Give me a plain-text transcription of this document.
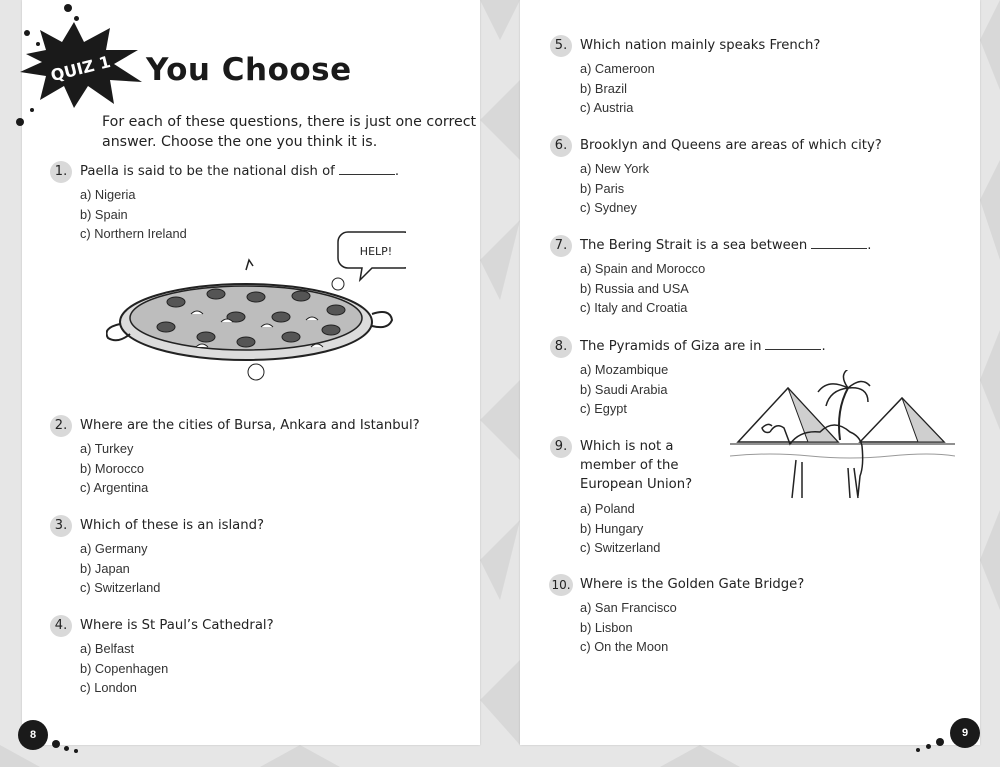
For each of these questions, there is just one correct answer. Choose the one you think it is.
1. Paella is said to be the national dish of	.
a) Nigeria
b) Spain
c) Northern Ireland
HELP!
2. Where are the cities of Bursa, Ankara and Istanbul?
a) Turkey
b) Morocco
c) Argentina
3. Which of these is an island?
a) Germany
b) Japan
c) Switzerland
4. Where is St Paul’s Cathedral?
a) Belfast
b) Copenhagen
c) London
QUIZ 1 You Choose
5. Which nation mainly speaks French?
a) Cameroon
b) Brazil
c) Austria
6. Brooklyn and Queens are areas of which city?
a) New York
b) Paris
c) Sydney
7. The Bering Strait is a sea between	.
a) Spain and Morocco
b) Russia and USA
c) Italy and Croatia
8. The Pyramids of Giza are in	.
a) Mozambique
b) Saudi Arabia
c) Egypt
9. Which is not a member of the European Union?
a) Poland
b) Hungary
c) Switzerland
10. Where is the Golden Gate Bridge?
a) San Francisco
b) Lisbon
c) On the Moon
8	9
